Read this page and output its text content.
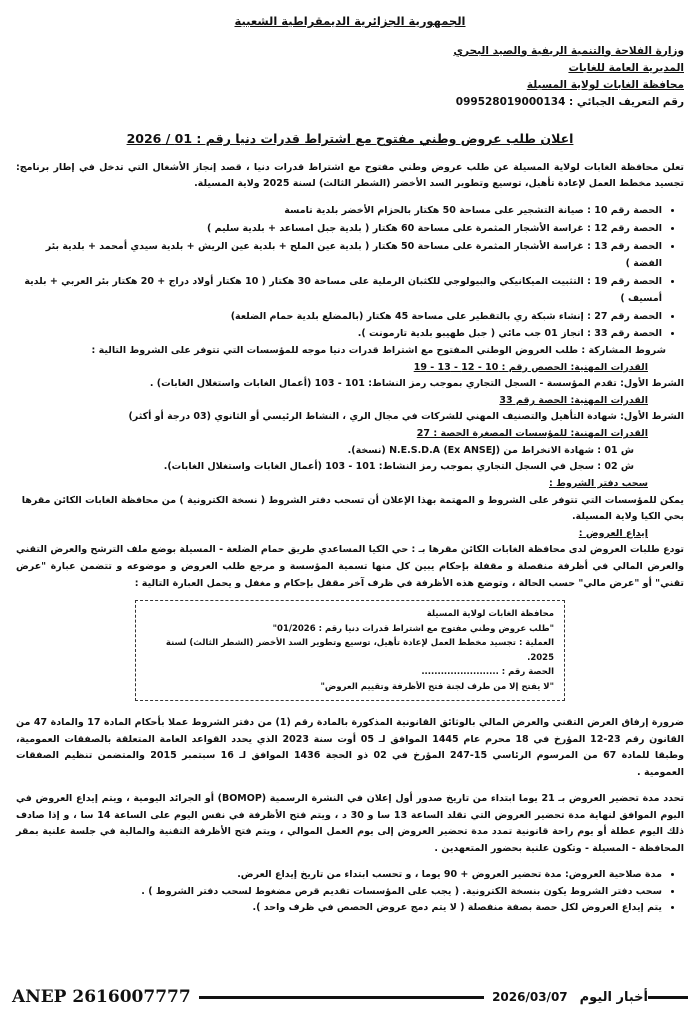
الجمهورية الجزائرية الديمقراطية الشعبية

وزارة الفلاحة والتنمية الريفية والصيد البحري

المديرية العامة للغابات

محافظة الغابات لولاية المسيلة

رقم التعريف الجبائي : 099528019000134

اعلان طلب عروض وطني مفتوح مع اشتراط قدرات دنيا رقم : 01 / 2026

تعلن محافظة الغابات لولاية المسيلة عن طلب عروض وطني مفتوح مع اشتراط قدرات دنيا ، قصد إنجاز الأشغال التي تدخل في إطار برنامج: تجسيد مخطط العمل لإعادة تأهيل، توسيع وتطوير السد الأخضر (الشطر الثالث) لسنة 2025 ولاية المسيلة.

• الحصة رقم 10 : صيانة التشجير على مساحة 50 هكتار بالحزام الأخضر بلدية تامسة
• الحصة رقم 12 : غراسة الأشجار المثمرة على مساحة 60 هكتار ( بلدية جبل امساعد + بلدية سليم )
• الحصة رقم 13 : غراسة الأشجار المثمرة على مساحة 50 هكتار ( بلدية عين الملح + بلدية عين الريش + بلدية سيدي أمحمد + بلدية بئر الفضة )
• الحصة رقم 19 : التثبيت الميكانيكي والبيولوجي للكثبان الرملية على مساحة 30 هكتار ( 10 هكتار أولاد دراج + 20 هكتار بئر العربي + بلدية أمسيف )
• الحصة رقم 27 : إنشاء شبكة ري بالتقطير على مساحة 45 هكتار (بالمضلع بلدية حمام الضلعة)
• الحصة رقم 33 : انجاز 01 جب مائي ( جبل طهيبو بلدية تارمونت ).

شروط المشاركة : طلب العروض الوطني المفتوح مع اشتراط قدرات دنيا موجه للمؤسسات التي تتوفر على الشروط التالية :

القدرات المهنية: الحصص رقم : 10 - 12 - 13 - 19

الشرط الأول: تقدم المؤسسة - السجل التجاري بموجب رمز النشاط: 101 - 103 (أعمال الغابات واستغلال الغابات) .

القدرات المهنية: الحصة رقم 33

الشرط الأول: شهادة التأهيل والتصنيف المهني للشركات في مجال الري ، النشاط الرئيسي أو الثانوي (03 درجة أو أكثر)

القدرات المهنية: للمؤسسات المصغرة الحصة : 27

ش 01 : شهادة الانخراط من N.E.S.D.A (Ex ANSEJ) (نسخة).

ش 02 : سجل في السجل التجاري بموجب رمز النشاط: 101 - 103 (أعمال الغابات واستغلال الغابات).

سحب دفتر الشروط :

يمكن للمؤسسات التي تتوفر على الشروط و المهتمة بهذا الإعلان أن تسحب دفتر الشروط ( نسخة الكترونية ) من محافظة الغابات الكائن مقرها بحي الكيا ولاية المسيلة.

إيداع العروض :

تودع طلبات العروض لدى محافظة الغابات الكائن مقرها بـ : حي الكيا المساعدي طريق حمام الضلعة - المسيلة بوضع ملف الترشح والعرض التقني والعرض المالي في أظرفة منفصلة و مقفلة بإحكام يبين كل منها تسمية المؤسسة و مرجع طلب العروض و موضوعه و تتضمن عبارة "عرض تقني" أو "عرض مالي" حسب الحالة ، وتوضع هذه الأظرفة في ظرف آخر مقفل بإحكام و مغفل و يحمل العبارة التالية :

محافظة الغابات لولاية المسيلة

"طلب عروض وطني مفتوح مع اشتراط قدرات دنيا رقم : 01/2026"

العملية : تجسيد مخطط العمل لإعادة تأهيل، توسيع وتطوير السد الأخضر (الشطر الثالث) لسنة 2025.

الحصة رقم : ........................

"لا يفتح إلا من طرف لجنة فتح الأظرفة وتقييم العروض"

ضرورة إرفاق العرض التقني والعرض المالي بالوثائق القانونية المذكورة بالمادة رقم (1) من دفتر الشروط عملا بأحكام المادة 17 والمادة 47 من القانون رقم 23-12 المؤرخ في 18 محرم عام 1445 الموافق لـ 05 أوت سنة 2023 الذي يحدد القواعد العامة المتعلقة بالصفقات العمومية، وطبقا للمادة 67 من المرسوم الرئاسي 15-247 المؤرخ في 02 ذو الحجة 1436 الموافق لـ 16 سبتمبر 2015 والمتضمن تنظيم الصفقات العمومية .

تحدد مدة تحضير العروض بـ 21 يوما ابتداء من تاريخ صدور أول إعلان في النشرة الرسمية (BOMOP) أو الجرائد اليومية ، ويتم إيداع العروض في اليوم الموافق لنهاية مدة تحضير العروض التي تقلد الساعة 13 سا و 30 د ، ويتم فتح الأظرفة في نفس اليوم على الساعة 14 سا ، و إذا صادف ذلك اليوم عطلة أو يوم راحة قانونية تمدد مدة تحضير العروض إلى يوم العمل الموالي ، ويتم فتح الأظرفة التقنية والمالية في جلسة علنية بمقر المحافظة - المسيلة - وتكون علنية بحضور المتعهدين .

• مدة صلاحية العروض: مدة تحضير العروض + 90 يوما ، و تحسب ابتداء من تاريخ إيداع العرض.
• سحب دفتر الشروط يكون بنسخة الكترونية. ( يجب على المؤسسات تقديم قرص مضغوط لسحب دفتر الشروط ) .
• يتم إيداع العروض لكل حصة بصفة منفصلة ( لا يتم دمج عروض الحصص في ظرف واحد ).
ANEP 2616007777	2026/03/07 أخبار اليوم
